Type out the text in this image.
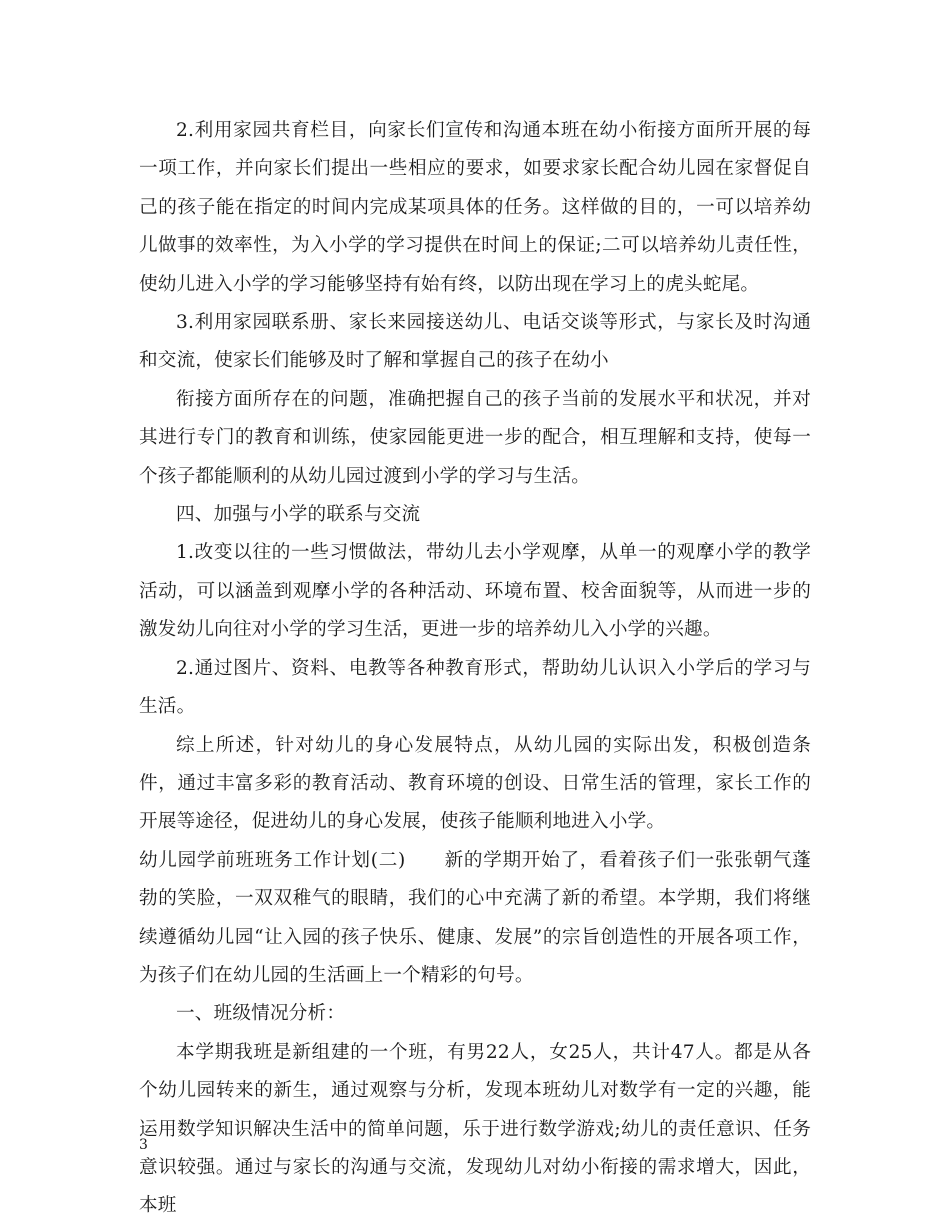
2.利用家园共育栏目，向家长们宣传和沟通本班在幼小衔接方面所开展的每一项工作，并向家长们提出一些相应的要求，如要求家长配合幼儿园在家督促自己的孩子能在指定的时间内完成某项具体的任务。这样做的目的，一可以培养幼儿做事的效率性，为入小学的学习提供在时间上的保证;二可以培养幼儿责任性，使幼儿进入小学的学习能够坚持有始有终，以防出现在学习上的虎头蛇尾。

3.利用家园联系册、家长来园接送幼儿、电话交谈等形式，与家长及时沟通和交流，使家长们能够及时了解和掌握自己的孩子在幼小

衔接方面所存在的问题，准确把握自己的孩子当前的发展水平和状况，并对其进行专门的教育和训练，使家园能更进一步的配合，相互理解和支持，使每一个孩子都能顺利的从幼儿园过渡到小学的学习与生活。

四、加强与小学的联系与交流

1.改变以往的一些习惯做法，带幼儿去小学观摩，从单一的观摩小学的教学活动，可以涵盖到观摩小学的各种活动、环境布置、校舍面貌等，从而进一步的激发幼儿向往对小学的学习生活，更进一步的培养幼儿入小学的兴趣。

2.通过图片、资料、电教等各种教育形式，帮助幼儿认识入小学后的学习与生活。

综上所述，针对幼儿的身心发展特点，从幼儿园的实际出发，积极创造条件，通过丰富多彩的教育活动、教育环境的创设、日常生活的管理，家长工作的开展等途径，促进幼儿的身心发展，使孩子能顺利地进入小学。

幼儿园学前班班务工作计划(二)　　新的学期开始了，看着孩子们一张张朝气蓬勃的笑脸，一双双稚气的眼睛，我们的心中充满了新的希望。本学期，我们将继续遵循幼儿园“让入园的孩子快乐、健康、发展”的宗旨创造性的开展各项工作，为孩子们在幼儿园的生活画上一个精彩的句号。

一、班级情况分析：

本学期我班是新组建的一个班，有男22人，女25人，共计47人。都是从各个幼儿园转来的新生，通过观察与分析，发现本班幼儿对数学有一定的兴趣，能运用数学知识解决生活中的简单问题，乐于进行数学游戏;幼儿的责任意识、任务意识较强。通过与家长的沟通与交流，发现幼儿对幼小衔接的需求增大，因此，本班

3
